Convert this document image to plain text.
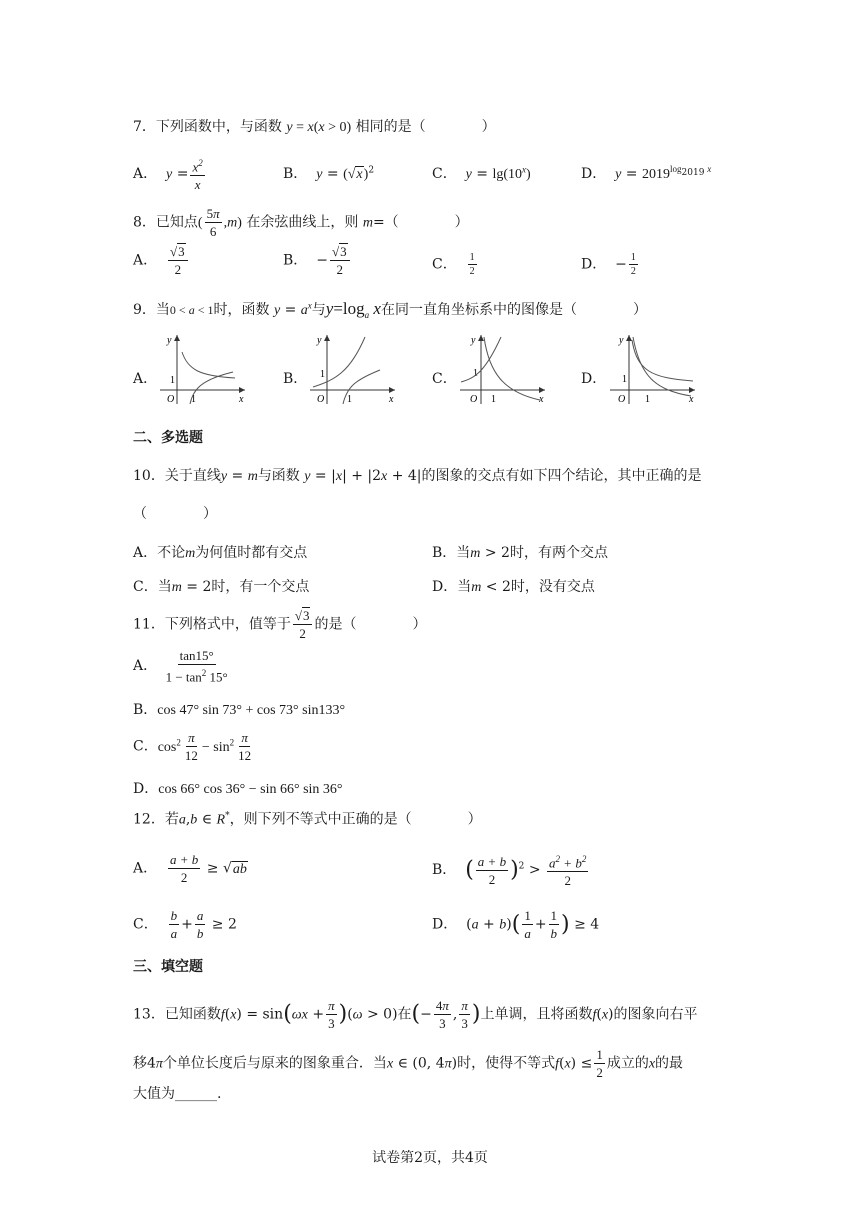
7．下列函数中，与函数 y = x(x > 0) 相同的是（　　　　）
A． $y = \frac{x^2}{x}$	B． $y = (√x)^2$	C． $y = \lg(10^x)$	D． $y = 2019^{log_{2019} x}$
8．已知点( $\frac{5\pi}{6} ,m$) 在余弦曲线上，则 m=（　　　　）
A． $\frac{√3}{2}$	B．  − $\frac{√3}{2}$	C． $\frac{1}{2}$	D．  − $\frac{1}{2}$
9．当0 < a < 1时，函数 $y = a^x$与$y=\log_a$ x在同一直角坐标系中的图像是（　　　　）
A．
y
x
O
1
1
B．
y
x
O
1
1
C．
y
x
O
1
1
D．
y
x
O
1
1
二、多选题
10．关于直线y = m与函数 y = |x| + |2x + 4|的图象的交点有如下四个结论，其中正确的是
（　　　　）
A．不论m为何值时都有交点	B．当m > 2时，有两个交点
C．当m = 2时，有一个交点	D．当m < 2时，没有交点
11．下列格式中，值等于 $\frac{√3}{2}$ 的是（　　　　）
A． $\frac{\tan 15^\circ}{1 - \tan^2 15^\circ}$
B．cos 47° sin 73° + cos 73° sin133°
C．$\cos^2 \frac{\pi}{12} - \sin^2 \frac{\pi}{12}$
D．cos 66° cos 36° − sin 66° sin 36°
12．若a,b ∈ R*，则下列不等式中正确的是（　　　　）
A． $\frac{a + b}{2} \ge √ab$	B． ( $\frac{a + b}{2} )^2 > \frac{a^2 + b^2}{2}$
C． $\frac{b}{a} + \frac{a}{b} \ge 2$	D．  $(a + b)( \frac{1}{a} + \frac{1}{b}$ ) ≥ 4
三、填空题
13．已知函数$f(x) = \sin(\omega x + \frac{\pi}{3} )(\omega > 0)$在(− $\frac{4\pi}{3}$ , $\frac{\pi}{3}$ )上单调，且将函数f(x)的图象向右平
移4π个单位长度后与原来的图象重合．当x ∈ (0, 4π)时，使得不等式$f(x) \le \frac{1}{2}$ 成立的x的最
大值为______.
试卷第2页，共4页
